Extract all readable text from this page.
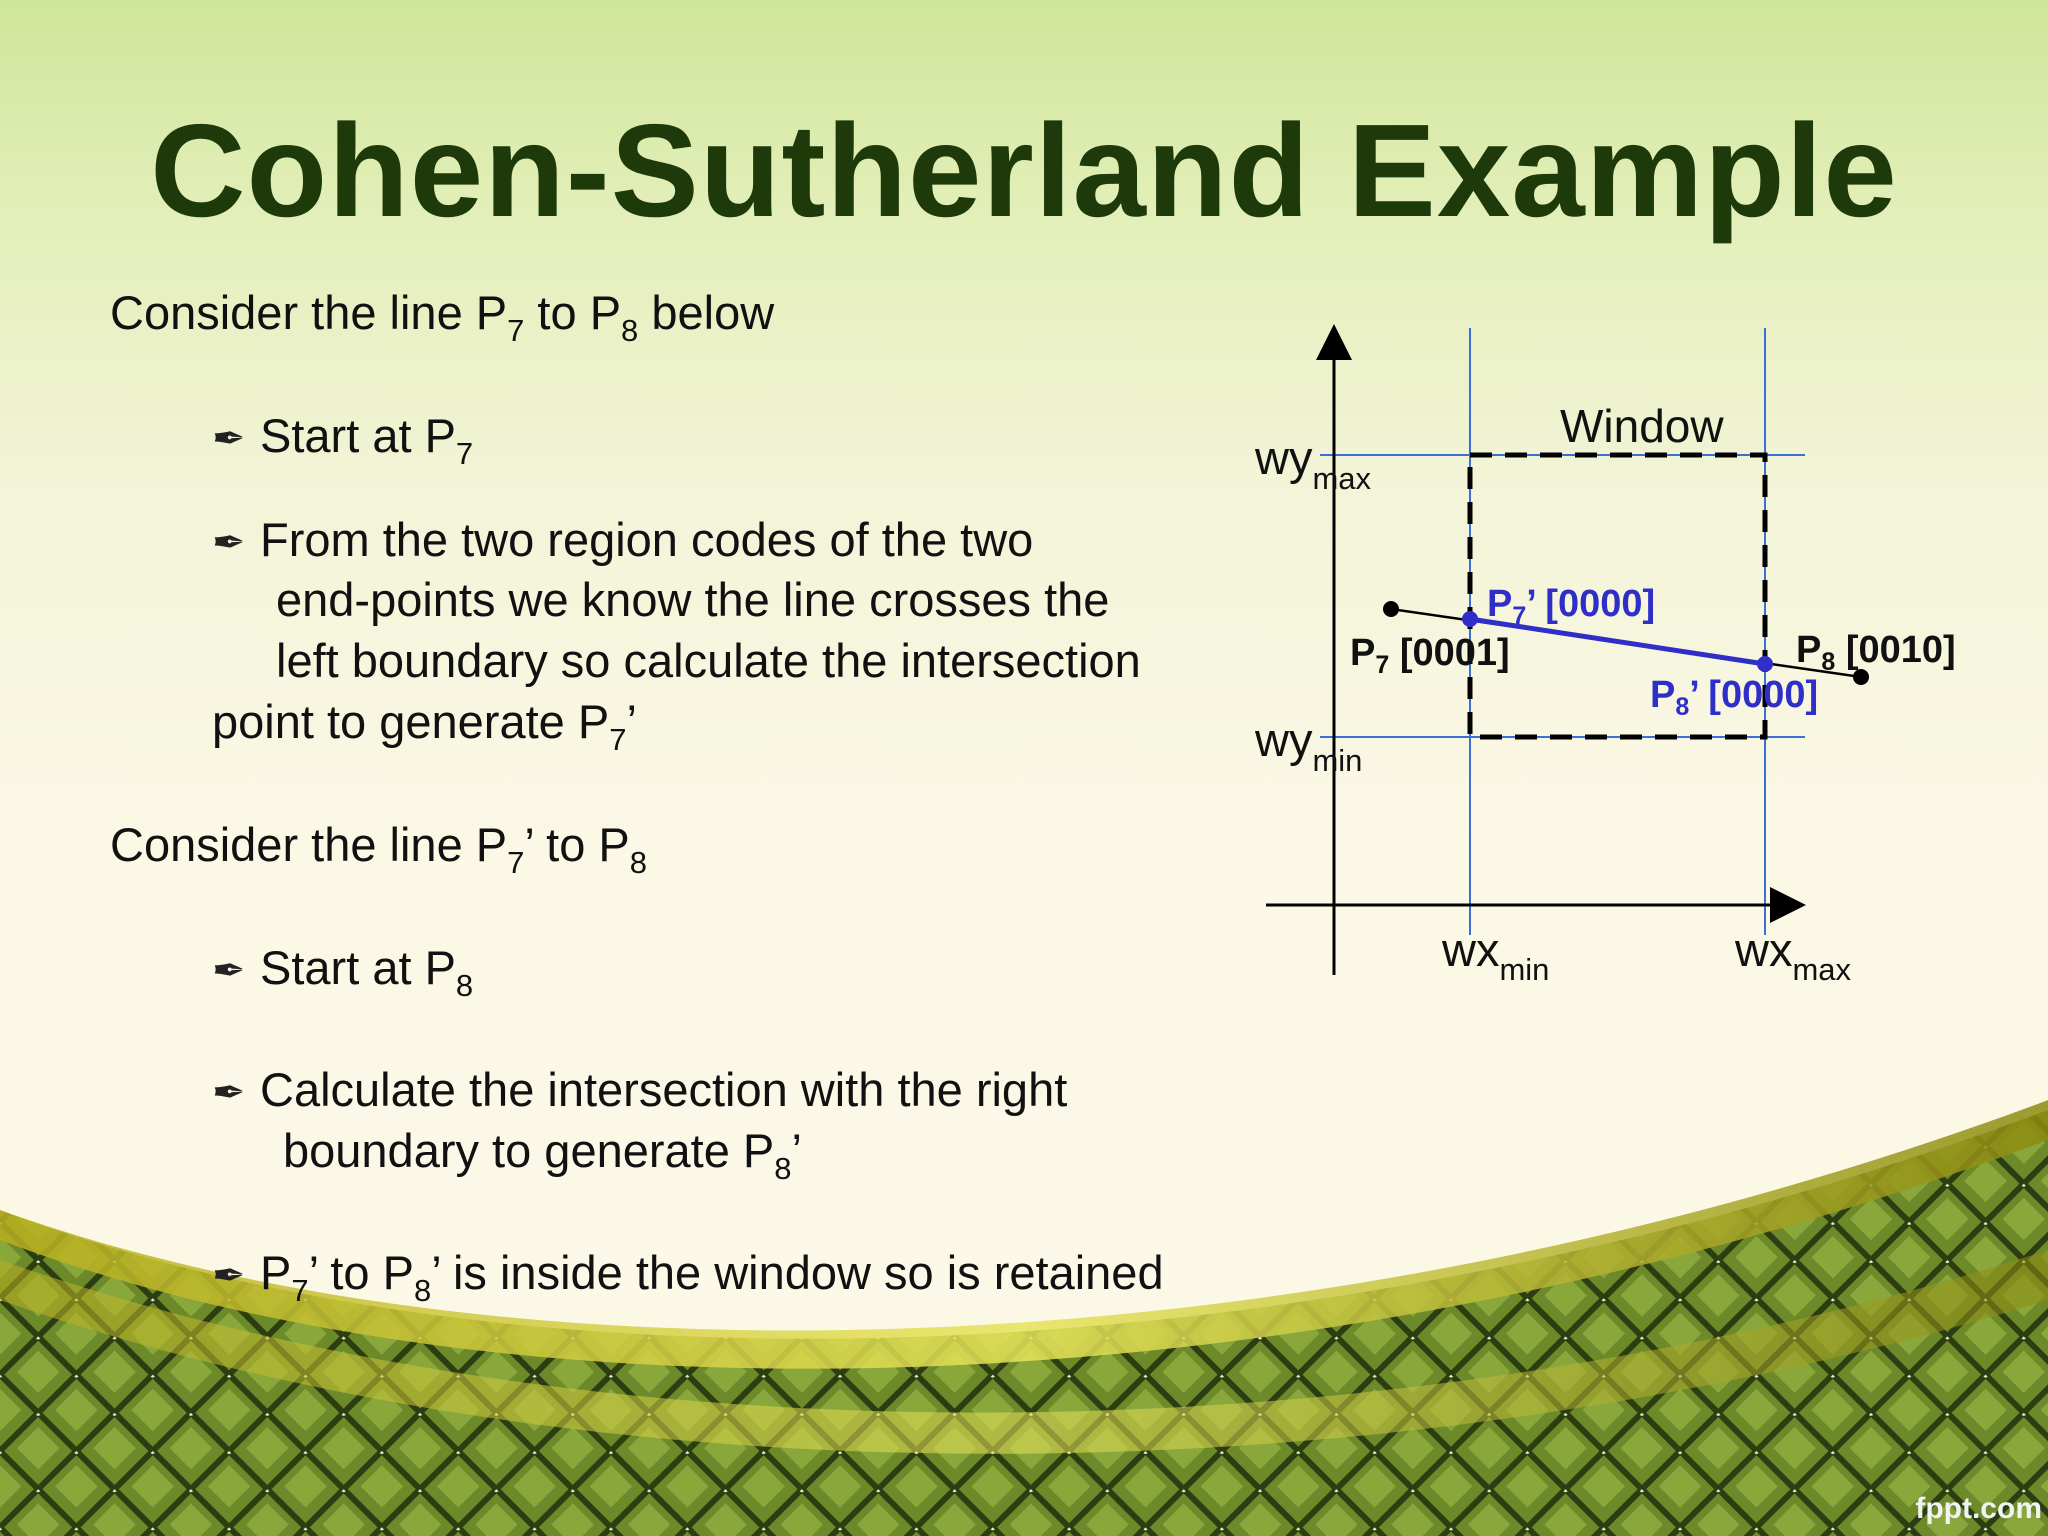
Cohen-Sutherland Example

Consider the line $P_7$ to $P_8$ below

✒ Start at $P_7$

✒ From the two region codes of the two

end-points we know the line crosses the

left boundary so calculate the intersection

point to generate $P_7$’

Consider the line $P_7$’ to $P_8$

✒ Start at $P_8$

✒ Calculate the intersection with the right

boundary to generate $P_8$’

✒ $P_7$’ to $P_8$’ is inside the window so is retained

Window
$wy_{max}$
$wy_{min}$
$wx_{min}$	$wx_{max}$
$P_7$ [0001]	$P_8$ [0010]
$P_7$’ [0000]
$P_8$’ [0000]
fppt.com
